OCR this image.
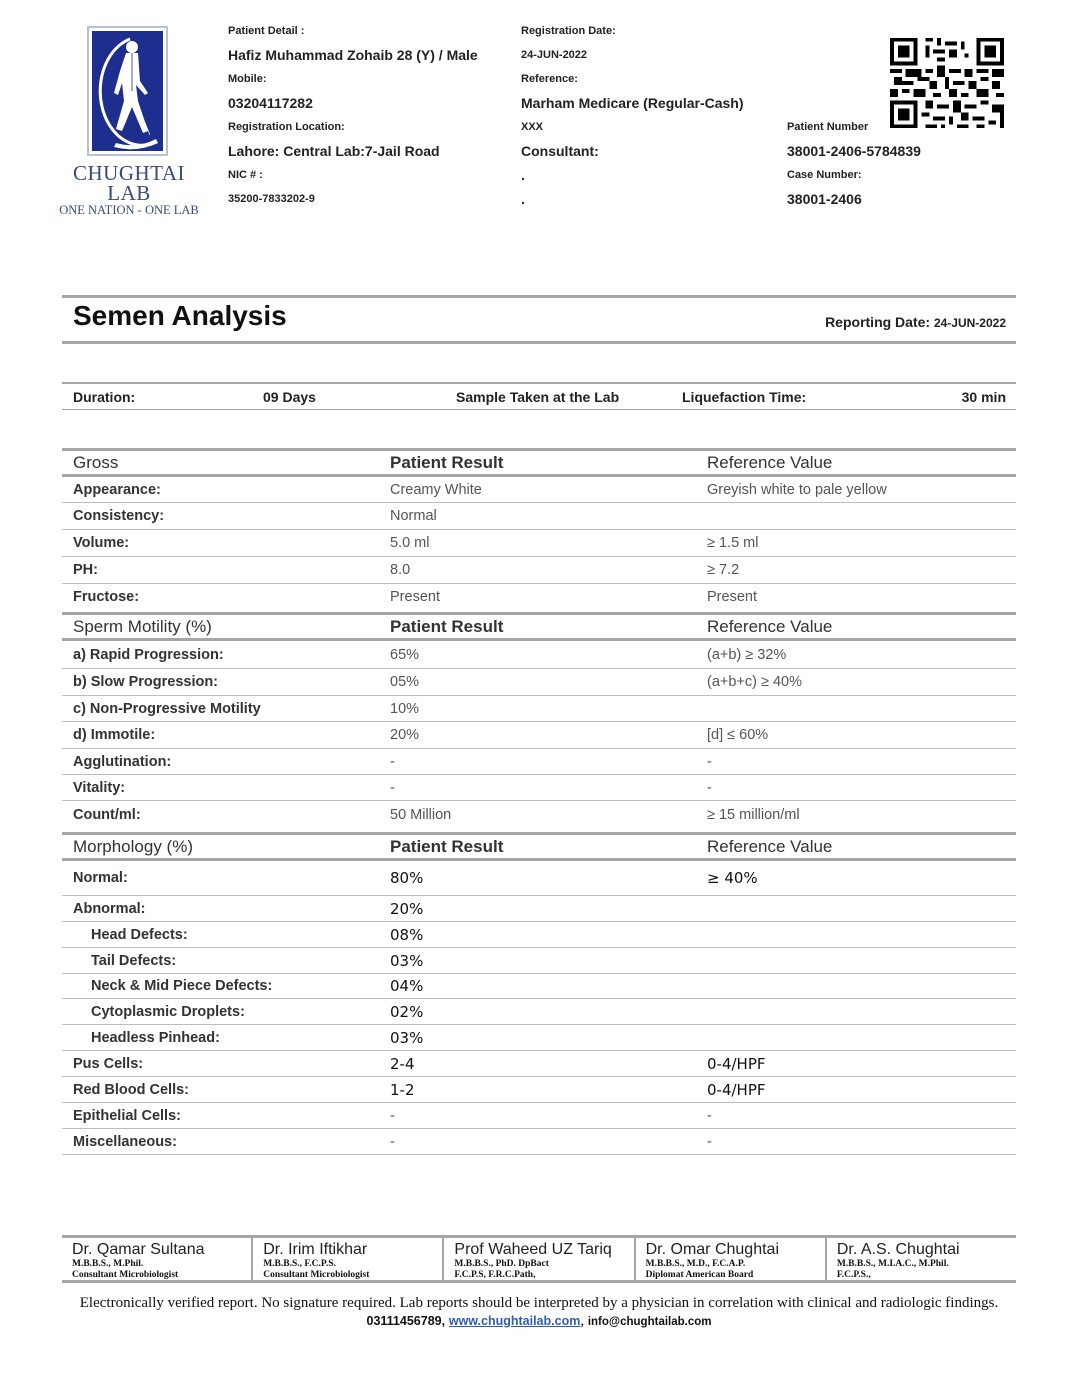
CHUGHTAI LAB
ONE NATION - ONE LAB
Patient Detail :
Hafiz Muhammad Zohaib 28 (Y) / Male
Mobile:
03204117282
Registration Location:
Lahore: Central Lab:7-Jail Road
NIC # :
35200-7833202-9
Registration Date:
24-JUN-2022
Reference:
Marham Medicare (Regular-Cash)
XXX
Consultant:
.
.
Patient Number
38001-2406-5784839
Case Number:
38001-2406
Semen Analysis	Reporting Date: 24-JUN-2022
Duration:	09 Days	Sample Taken at the Lab	Liquefaction Time:	30 min
Gross	Patient Result	Reference Value
Appearance:	Creamy White	Greyish white to pale yellow
Consistency:	Normal
Volume:	5.0 ml	≥ 1.5 ml
PH:	8.0	≥ 7.2
Fructose:	Present	Present
Sperm Motility (%)	Patient Result	Reference Value
a) Rapid Progression:	65%	(a+b) ≥ 32%
b) Slow Progression:	05%	(a+b+c) ≥ 40%
c) Non-Progressive Motility	10%
d) Immotile:	20%	[d] ≤ 60%
Agglutination:	-	-
Vitality:	-	-
Count/ml:	50 Million	≥ 15 million/ml
Morphology (%)	Patient Result	Reference Value
Normal:	80%	≥ 40%
Abnormal:	20%
Head Defects:	08%
Tail Defects:	03%
Neck & Mid Piece Defects:	04%
Cytoplasmic Droplets:	02%
Headless Pinhead:	03%
Pus Cells:	2-4	0-4/HPF
Red Blood Cells:	1-2	0-4/HPF
Epithelial Cells:	-	-
Miscellaneous:	-	-
Dr. Qamar Sultana
M.B.B.S., M.Phil.
Consultant Microbiologist
Dr. Irim Iftikhar
M.B.B.S., F.C.P.S.
Consultant Microbiologist
Prof Waheed UZ Tariq
M.B.B.S., PhD. DpBact
F.C.P.S, F.R.C.Path,
Dr. Omar Chughtai
M.B.B.S., M.D., F.C.A.P.
Diplomat American Board
Dr. A.S. Chughtai
M.B.B.S., M.I.A.C., M.Phil.
F.C.P.S.,
Electronically verified report. No signature required. Lab reports should be interpreted by a physician in correlation with clinical and radiologic findings. 03111456789, www.chughtailab.com, info@chughtailab.com
